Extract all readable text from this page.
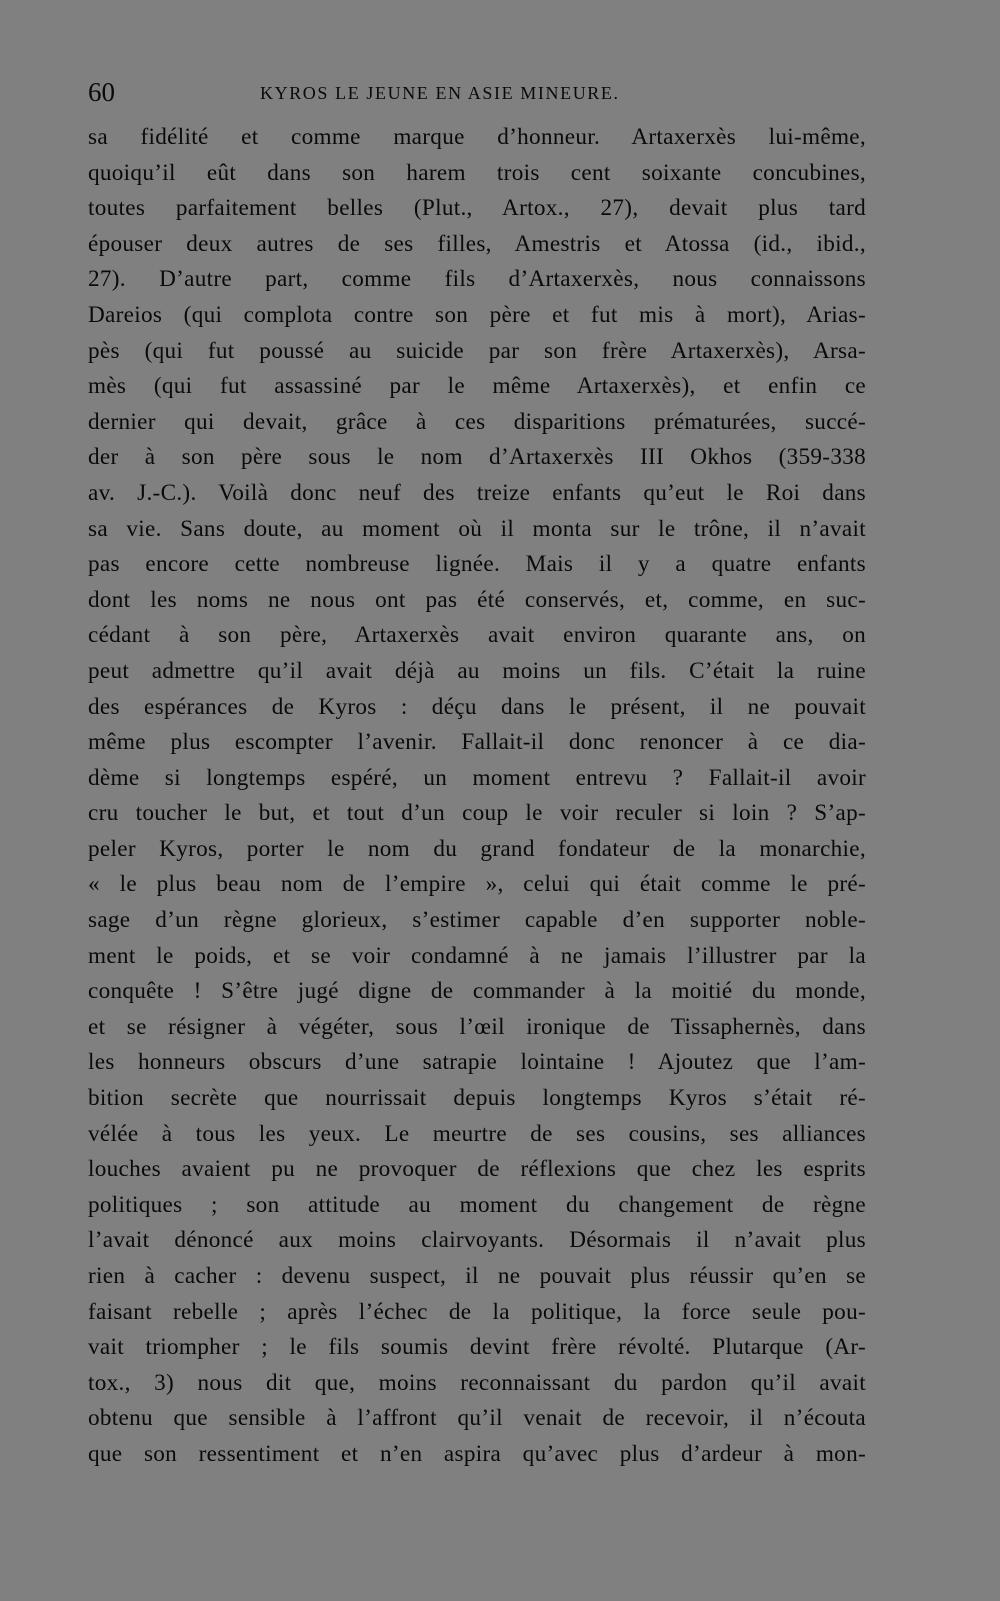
60	KYROS LE JEUNE EN ASIE MINEURE.
sa fidélité et comme marque d’honneur. Artaxerxès lui-même,
quoiqu’il eût dans son harem trois cent soixante concubines,
toutes parfaitement belles (Plut., Artox., 27), devait plus tard
épouser deux autres de ses filles, Amestris et Atossa (id., ibid.,
27). D’autre part, comme fils d’Artaxerxès, nous connaissons
Dareios (qui complota contre son père et fut mis à mort), Arias-
pès (qui fut poussé au suicide par son frère Artaxerxès), Arsa-
mès (qui fut assassiné par le même Artaxerxès), et enfin ce
dernier qui devait, grâce à ces disparitions prématurées, succé-
der à son père sous le nom d’Artaxerxès III Okhos (359-338
av. J.-C.). Voilà donc neuf des treize enfants qu’eut le Roi dans
sa vie. Sans doute, au moment où il monta sur le trône, il n’avait
pas encore cette nombreuse lignée. Mais il y a quatre enfants
dont les noms ne nous ont pas été conservés, et, comme, en suc-
cédant à son père, Artaxerxès avait environ quarante ans, on
peut admettre qu’il avait déjà au moins un fils. C’était la ruine
des espérances de Kyros : déçu dans le présent, il ne pouvait
même plus escompter l’avenir. Fallait-il donc renoncer à ce dia-
dème si longtemps espéré, un moment entrevu ? Fallait-il avoir
cru toucher le but, et tout d’un coup le voir reculer si loin ? S’ap-
peler Kyros, porter le nom du grand fondateur de la monarchie,
« le plus beau nom de l’empire », celui qui était comme le pré-
sage d’un règne glorieux, s’estimer capable d’en supporter noble-
ment le poids, et se voir condamné à ne jamais l’illustrer par la
conquête ! S’être jugé digne de commander à la moitié du monde,
et se résigner à végéter, sous l’œil ironique de Tissaphernès, dans
les honneurs obscurs d’une satrapie lointaine ! Ajoutez que l’am-
bition secrète que nourrissait depuis longtemps Kyros s’était ré-
vélée à tous les yeux. Le meurtre de ses cousins, ses alliances
louches avaient pu ne provoquer de réflexions que chez les esprits
politiques ; son attitude au moment du changement de règne
l’avait dénoncé aux moins clairvoyants. Désormais il n’avait plus
rien à cacher : devenu suspect, il ne pouvait plus réussir qu’en se
faisant rebelle ; après l’échec de la politique, la force seule pou-
vait triompher ; le fils soumis devint frère révolté. Plutarque (Ar-
tox., 3) nous dit que, moins reconnaissant du pardon qu’il avait
obtenu que sensible à l’affront qu’il venait de recevoir, il n’écouta
que son ressentiment et n’en aspira qu’avec plus d’ardeur à mon-
